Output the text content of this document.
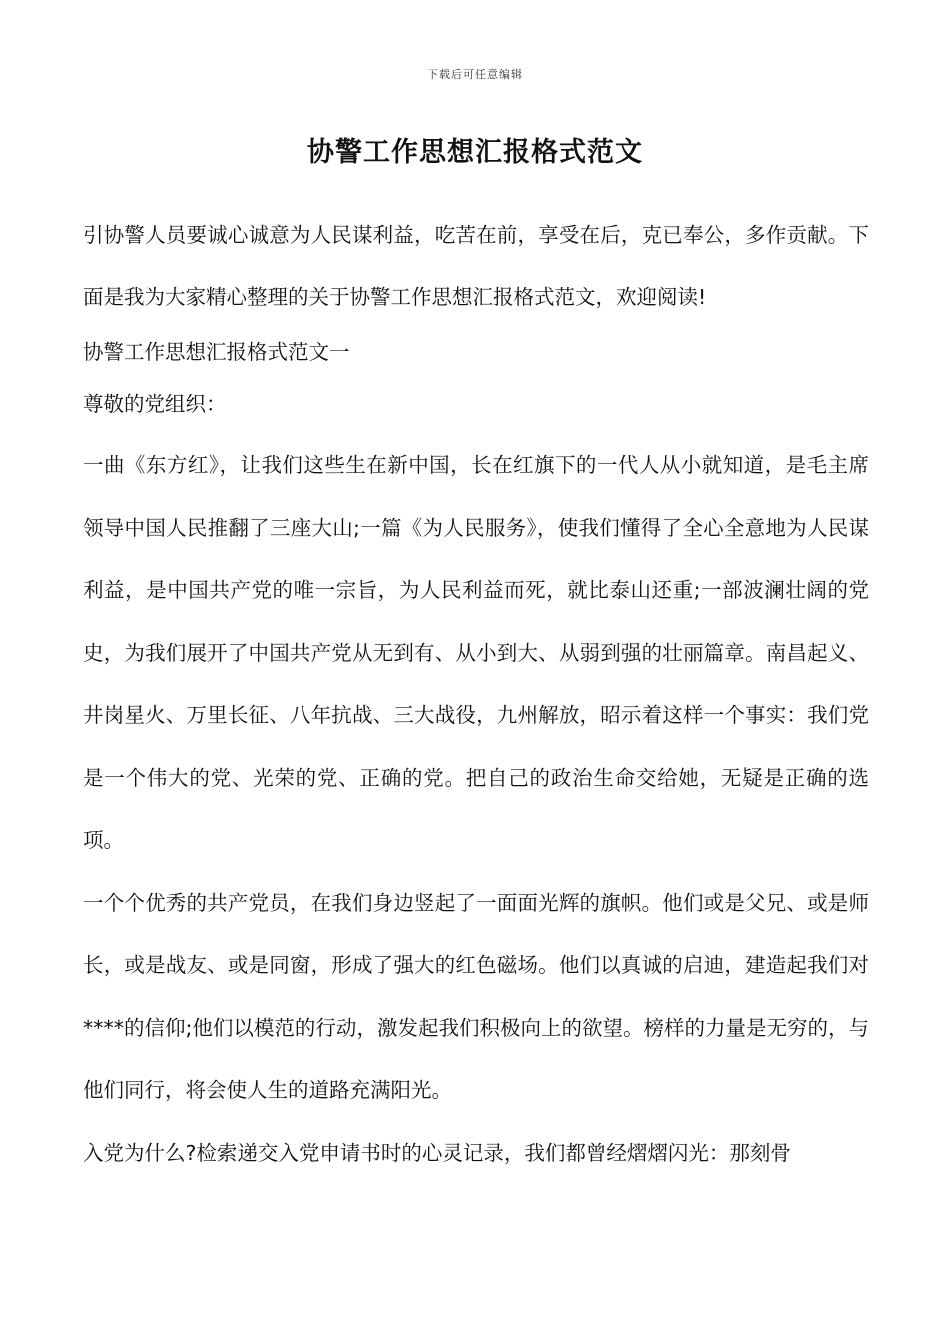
下载后可任意编辑
协警工作思想汇报格式范文

引协警人员要诚心诚意为人民谋利益，吃苦在前，享受在后，克已奉公，多作贡献。下面是我为大家精心整理的关于协警工作思想汇报格式范文，欢迎阅读!

协警工作思想汇报格式范文一

尊敬的党组织：

一曲《东方红》，让我们这些生在新中国，长在红旗下的一代人从小就知道，是毛主席领导中国人民推翻了三座大山;一篇《为人民服务》，使我们懂得了全心全意地为人民谋利益，是中国共产党的唯一宗旨，为人民利益而死，就比泰山还重;一部波澜壮阔的党史，为我们展开了中国共产党从无到有、从小到大、从弱到强的壮丽篇章。南昌起义、井岗星火、万里长征、八年抗战、三大战役，九州解放，昭示着这样一个事实：我们党是一个伟大的党、光荣的党、正确的党。把自己的政治生命交给她，无疑是正确的选项。

一个个优秀的共产党员，在我们身边竖起了一面面光辉的旗帜。他们或是父兄、或是师长，或是战友、或是同窗，形成了强大的红色磁场。他们以真诚的启迪，建造起我们对****的信仰;他们以模范的行动，激发起我们积极向上的欲望。榜样的力量是无穷的，与他们同行，将会使人生的道路充满阳光。

入党为什么?检索递交入党申请书时的心灵记录，我们都曾经熠熠闪光：那刻骨
